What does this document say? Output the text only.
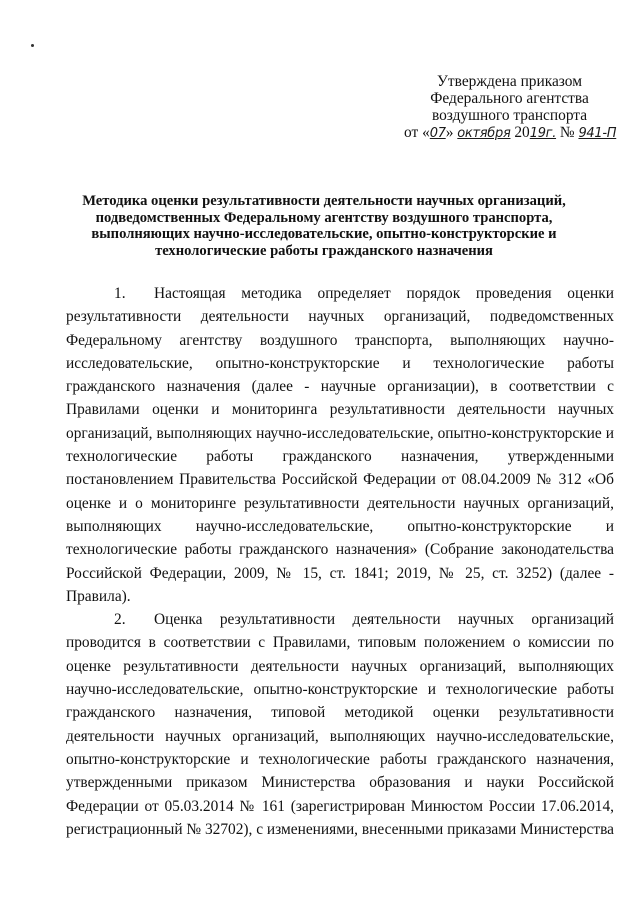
Утверждена приказом
Федерального агентства
воздушного транспорта
от «07» октября 2019г. № 941-П
Методика оценки результативности деятельности научных организаций,
подведомственных Федеральному агентству воздушного транспорта,
выполняющих научно-исследовательские, опытно-конструкторские и
технологические работы гражданского назначения
1. Настоящая методика определяет порядок проведения оценки результативности деятельности научных организаций, подведомственных Федеральному агентству воздушного транспорта, выполняющих научно-исследовательские, опытно-конструкторские и технологические работы гражданского назначения (далее - научные организации), в соответствии с Правилами оценки и мониторинга результативности деятельности научных организаций, выполняющих научно-исследовательские, опытно-конструкторские и технологические работы гражданского назначения, утвержденными постановлением Правительства Российской Федерации от 08.04.2009 № 312 «Об оценке и о мониторинге результативности деятельности научных организаций, выполняющих научно-исследовательские, опытно-конструкторские и технологические работы гражданского назначения» (Собрание законодательства Российской Федерации, 2009, № 15, ст. 1841; 2019, № 25, ст. 3252) (далее - Правила).
2. Оценка результативности деятельности научных организаций проводится в соответствии с Правилами, типовым положением о комиссии по оценке результативности деятельности научных организаций, выполняющих научно-исследовательские, опытно-конструкторские и технологические работы гражданского назначения, типовой методикой оценки результативности деятельности научных организаций, выполняющих научно-исследовательские, опытно-конструкторские и технологические работы гражданского назначения, утвержденными приказом Министерства образования и науки Российской Федерации от 05.03.2014 № 161 (зарегистрирован Минюстом России 17.06.2014, регистрационный № 32702), с изменениями, внесенными приказами Министерства
